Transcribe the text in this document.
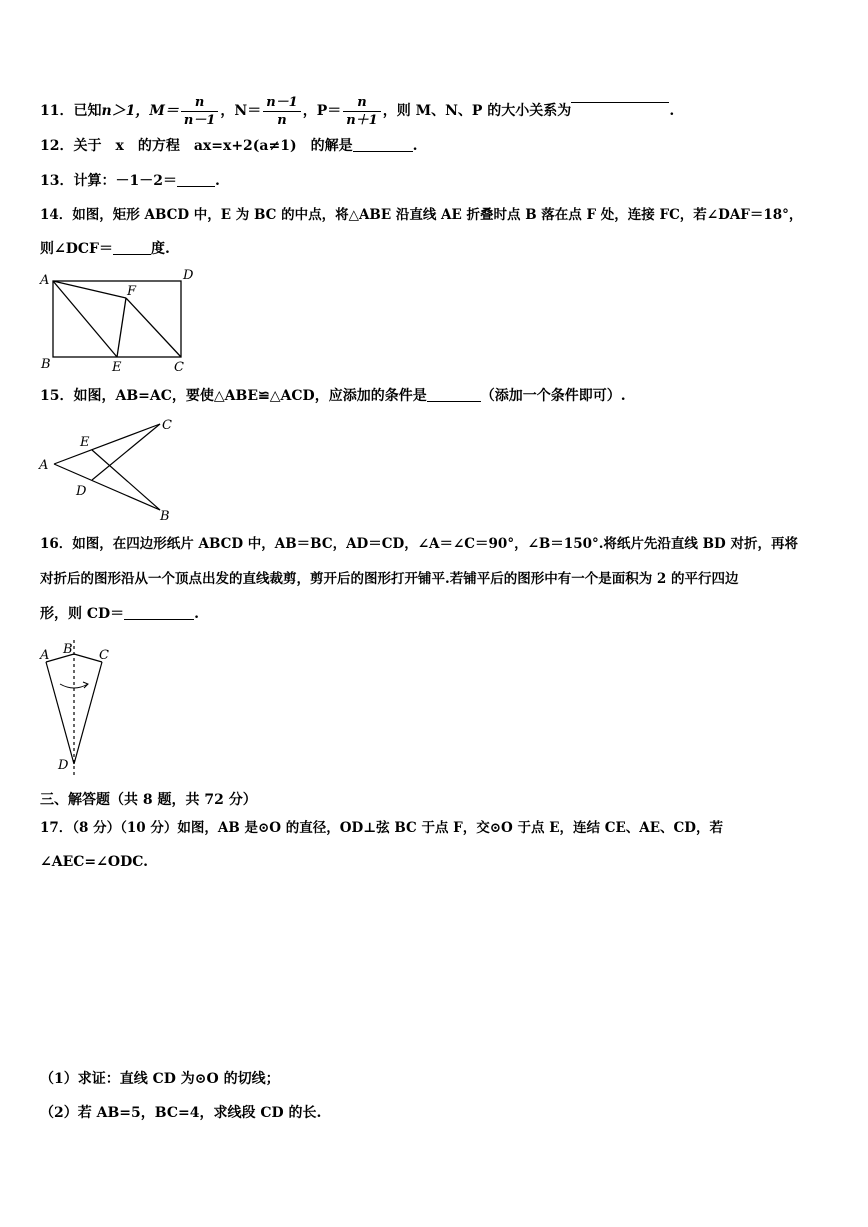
11．已知n＞1，$M= \frac{n}{n-1}$ ，$N= \frac{n-1}{n}$ ，$P= \frac{n}{n+1}$ ，则 M、N、P 的大小关系为	.
12．关于　x　的方程　ax=x+2(a≠1)　的解是	.
13．计算：－1－2＝	.
14．如图，矩形 ABCD 中，E 为 BC 的中点，将△ABE 沿直线 AE 折叠时点 B 落在点 F 处，连接 FC，若∠DAF＝18°，
则∠DCF＝	度.
A	D
F
B	E	C
15．如图，AB=AC，要使△ABE≌△ACD，应添加的条件是	（添加一个条件即可）.
C
E
A
D
B
16．如图，在四边形纸片 ABCD 中，AB＝BC，AD＝CD，∠A＝∠C＝90°，∠B＝150°.将纸片先沿直线 BD 对折，再将
对折后的图形沿从一个顶点出发的直线裁剪，剪开后的图形打开铺平.若铺平后的图形中有一个是面积为 2 的平行四边
形，则 CD＝	.
A B C
D
三、解答题（共 8 题，共 72 分）
17．（8 分）（10 分）如图，AB 是⊙O 的直径，OD⊥弦 BC 于点 F，交⊙O 于点 E，连结 CE、AE、CD，若
∠AEC=∠ODC.
（1）求证：直线 CD 为⊙O 的切线；
（2）若 AB=5，BC=4，求线段 CD 的长.
